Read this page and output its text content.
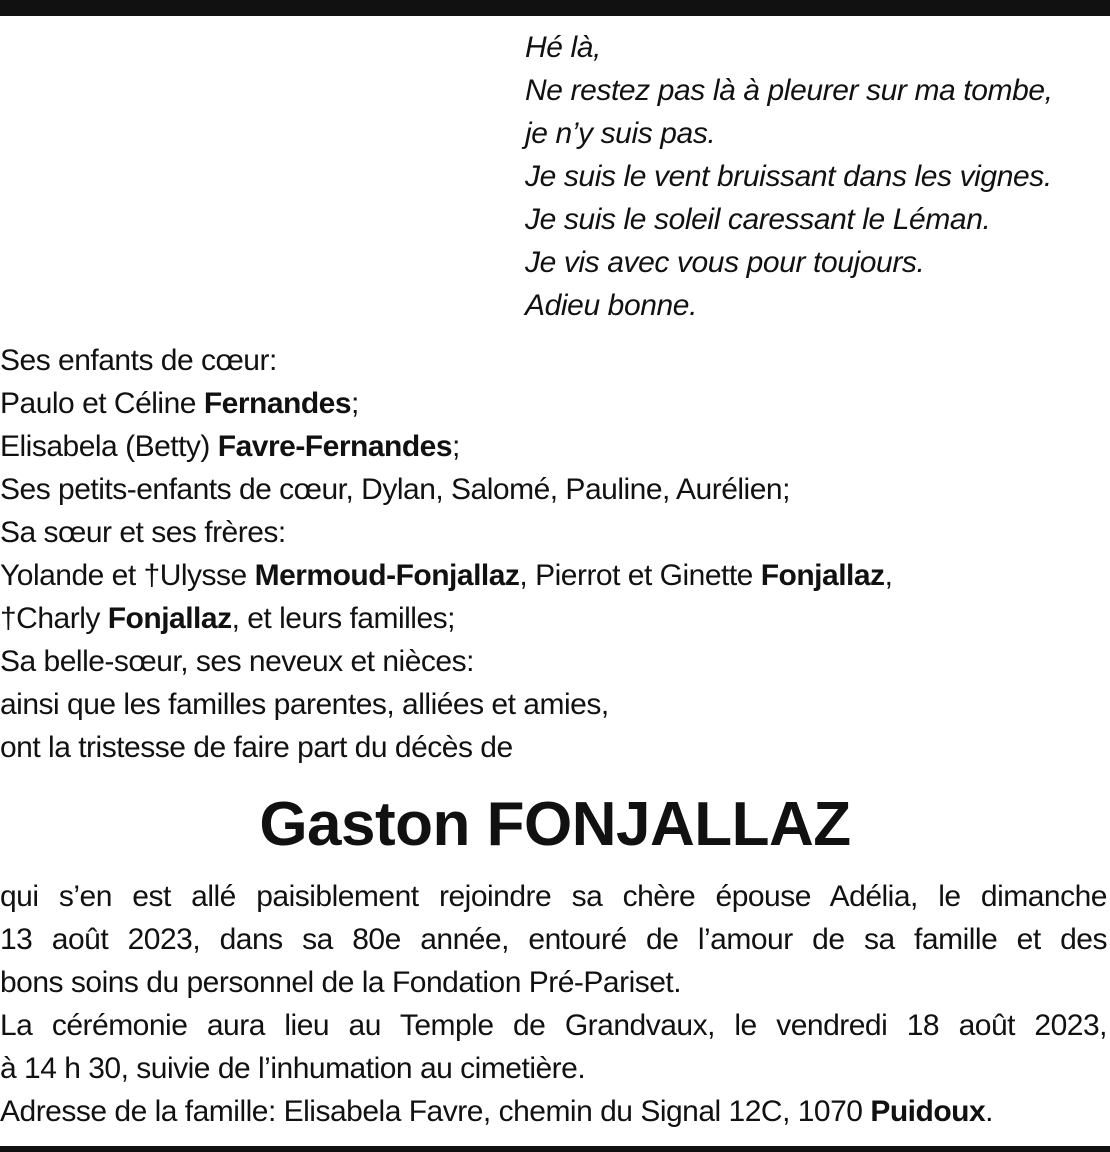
Hé là,
Ne restez pas là à pleurer sur ma tombe,
je n’y suis pas.
Je suis le vent bruissant dans les vignes.
Je suis le soleil caressant le Léman.
Je vis avec vous pour toujours.
Adieu bonne.
Ses enfants de cœur:
Paulo et Céline Fernandes;
Elisabela (Betty) Favre-Fernandes;
Ses petits-enfants de cœur, Dylan, Salomé, Pauline, Aurélien;
Sa sœur et ses frères:
Yolande et †Ulysse Mermoud-Fonjallaz, Pierrot et Ginette Fonjallaz,
†Charly Fonjallaz, et leurs familles;
Sa belle-sœur, ses neveux et nièces:
ainsi que les familles parentes, alliées et amies,
ont la tristesse de faire part du décès de
Gaston FONJALLAZ
qui s’en est allé paisiblement rejoindre sa chère épouse Adélia, le dimanche
13 août 2023, dans sa 80e année, entouré de l’amour de sa famille et des
bons soins du personnel de la Fondation Pré-Pariset.
La cérémonie aura lieu au Temple de Grandvaux, le vendredi 18 août 2023,
à 14 h 30, suivie de l’inhumation au cimetière.
Adresse de la famille: Elisabela Favre, chemin du Signal 12C, 1070 Puidoux.
